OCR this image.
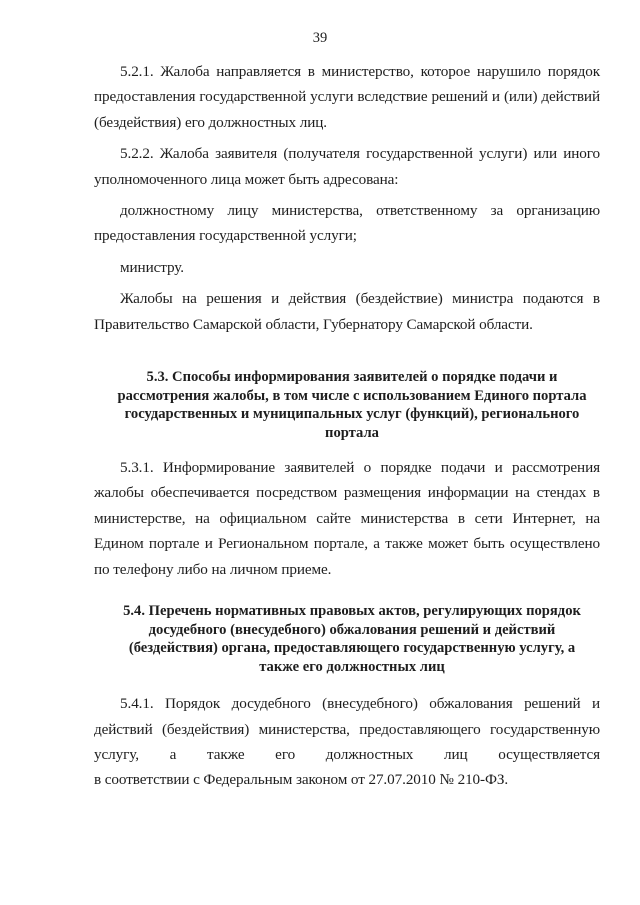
39

5.2.1. Жалоба направляется в министерство, которое нарушило порядок предоставления государственной услуги вследствие решений и (или) действий (бездействия) его должностных лиц.

5.2.2. Жалоба заявителя (получателя государственной услуги) или иного уполномоченного лица может быть адресована:

должностному лицу министерства, ответственному за организацию предоставления государственной услуги;

министру.

Жалобы на решения и действия (бездействие) министра подаются в Правительство Самарской области, Губернатору Самарской области.

5.3. Способы информирования заявителей о порядке подачи и рассмотрения жалобы, в том числе с использованием Единого портала государственных и муниципальных услуг (функций), регионального портала

5.3.1. Информирование заявителей о порядке подачи и рассмотрения жалобы обеспечивается посредством размещения информации на стендах в министерстве, на официальном сайте министерства в сети Интернет, на Едином портале и Региональном портале, а также может быть осуществлено по телефону либо на личном приеме.

5.4. Перечень нормативных правовых актов, регулирующих порядок досудебного (внесудебного) обжалования решений и действий (бездействия) органа, предоставляющего государственную услугу, а также его должностных лиц

5.4.1. Порядок досудебного (внесудебного) обжалования решений и действий (бездействия) министерства, предоставляющего государственную услугу, а также его должностных лиц осуществляется

в соответствии с Федеральным законом от 27.07.2010 № 210-ФЗ.
